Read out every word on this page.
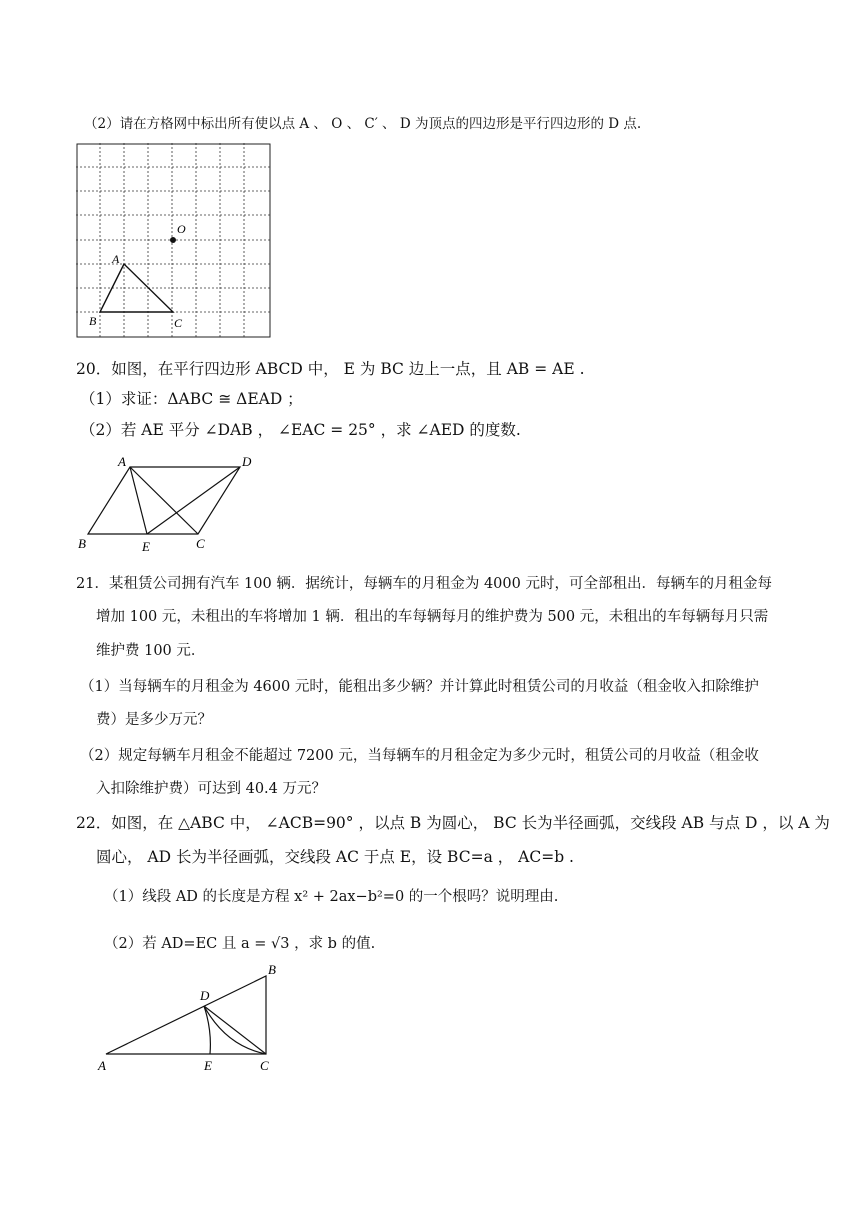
（2）请在方格网中标出所有使以点 A 、 O 、 C′ 、 D 为顶点的四边形是平行四边形的 D 点.
O
A
B	C
20．如图，在平行四边形 ABCD 中， E 为 BC 边上一点，且 AB = AE .
（1）求证：ΔABC ≅ ΔEAD ；
（2）若 AE 平分 ∠DAB ， ∠EAC = 25° ，求 ∠AED 的度数.
A	D
B	E	C
21．某租赁公司拥有汽车 100 辆．据统计，每辆车的月租金为 4000 元时，可全部租出．每辆车的月租金每
增加 100 元，未租出的车将增加 1 辆．租出的车每辆每月的维护费为 500 元，未租出的车每辆每月只需
维护费 100 元．
（1）当每辆车的月租金为 4600 元时，能租出多少辆？并计算此时租赁公司的月收益（租金收入扣除维护
费）是多少万元？
（2）规定每辆车月租金不能超过 7200 元，当每辆车的月租金定为多少元时，租赁公司的月收益（租金收
入扣除维护费）可达到 40.4 万元？
22．如图，在 △ABC 中， ∠ACB=90° ，以点 B 为圆心， BC 长为半径画弧，交线段 AB 与点 D ，以 A 为
圆心， AD 长为半径画弧，交线段 AC 于点 E，设 BC=a ， AC=b .
（1）线段 AD 的长度是方程 x² + 2ax−b²=0 的一个根吗？说明理由.
（2）若 AD=EC 且 a = √3 ，求 b 的值.
B
D
A	E	C
